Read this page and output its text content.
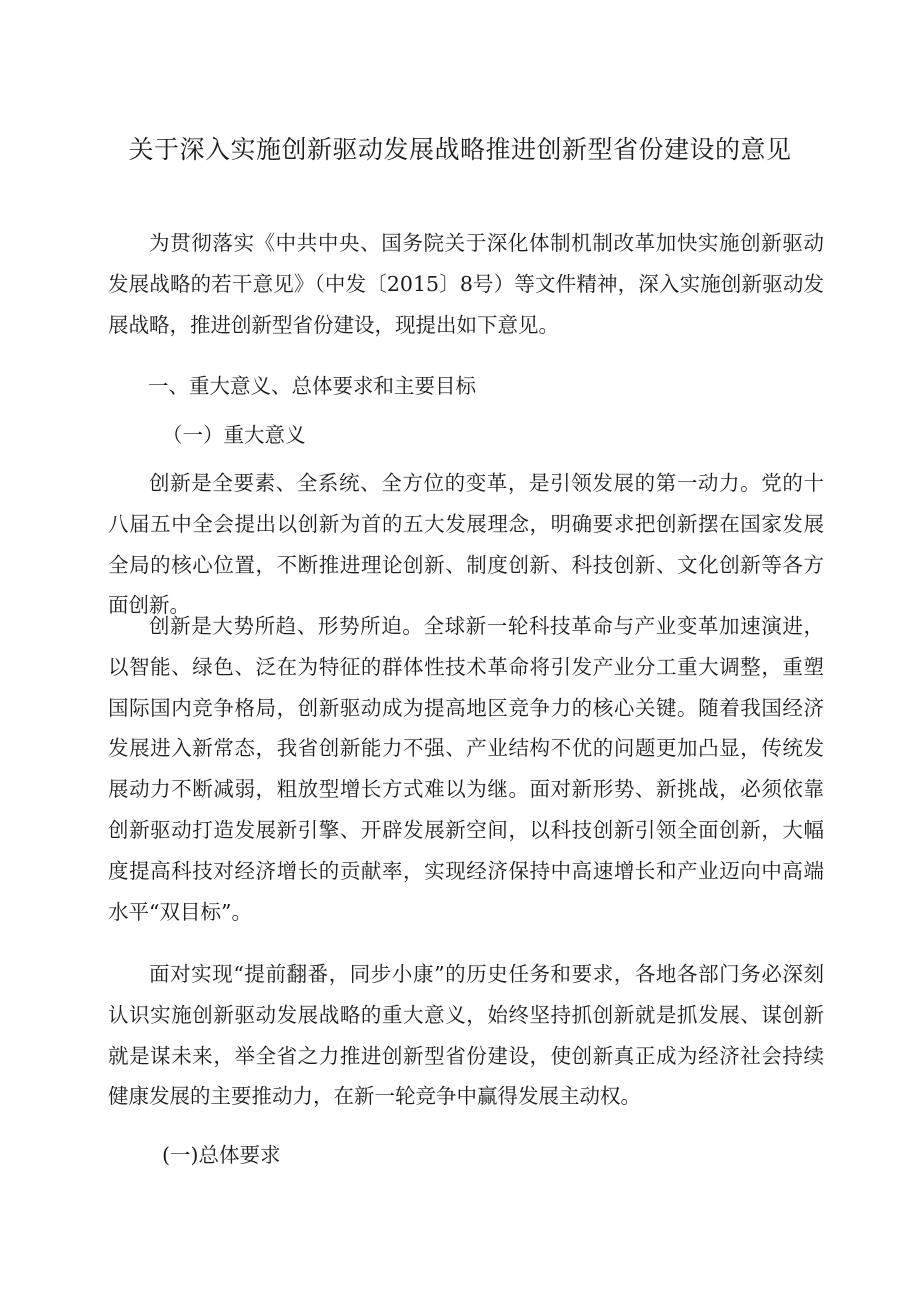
关于深入实施创新驱动发展战略推进创新型省份建设的意见

为贯彻落实《中共中央、国务院关于深化体制机制改革加快实施创新驱动发展战略的若干意见》（中发〔2015〕8号）等文件精神，深入实施创新驱动发展战略，推进创新型省份建设，现提出如下意见。

一、重大意义、总体要求和主要目标

（一）重大意义

创新是全要素、全系统、全方位的变革，是引领发展的第一动力。党的十八届五中全会提出以创新为首的五大发展理念，明确要求把创新摆在国家发展全局的核心位置，不断推进理论创新、制度创新、科技创新、文化创新等各方面创新。

创新是大势所趋、形势所迫。全球新一轮科技革命与产业变革加速演进，以智能、绿色、泛在为特征的群体性技术革命将引发产业分工重大调整，重塑国际国内竞争格局，创新驱动成为提高地区竞争力的核心关键。随着我国经济发展进入新常态，我省创新能力不强、产业结构不优的问题更加凸显，传统发展动力不断减弱，粗放型增长方式难以为继。面对新形势、新挑战，必须依靠创新驱动打造发展新引擎、开辟发展新空间，以科技创新引领全面创新，大幅度提高科技对经济增长的贡献率，实现经济保持中高速增长和产业迈向中高端水平“双目标”。

面对实现“提前翻番，同步小康”的历史任务和要求，各地各部门务必深刻认识实施创新驱动发展战略的重大意义，始终坚持抓创新就是抓发展、谋创新就是谋未来，举全省之力推进创新型省份建设，使创新真正成为经济社会持续健康发展的主要推动力，在新一轮竞争中赢得发展主动权。

(一)总体要求
